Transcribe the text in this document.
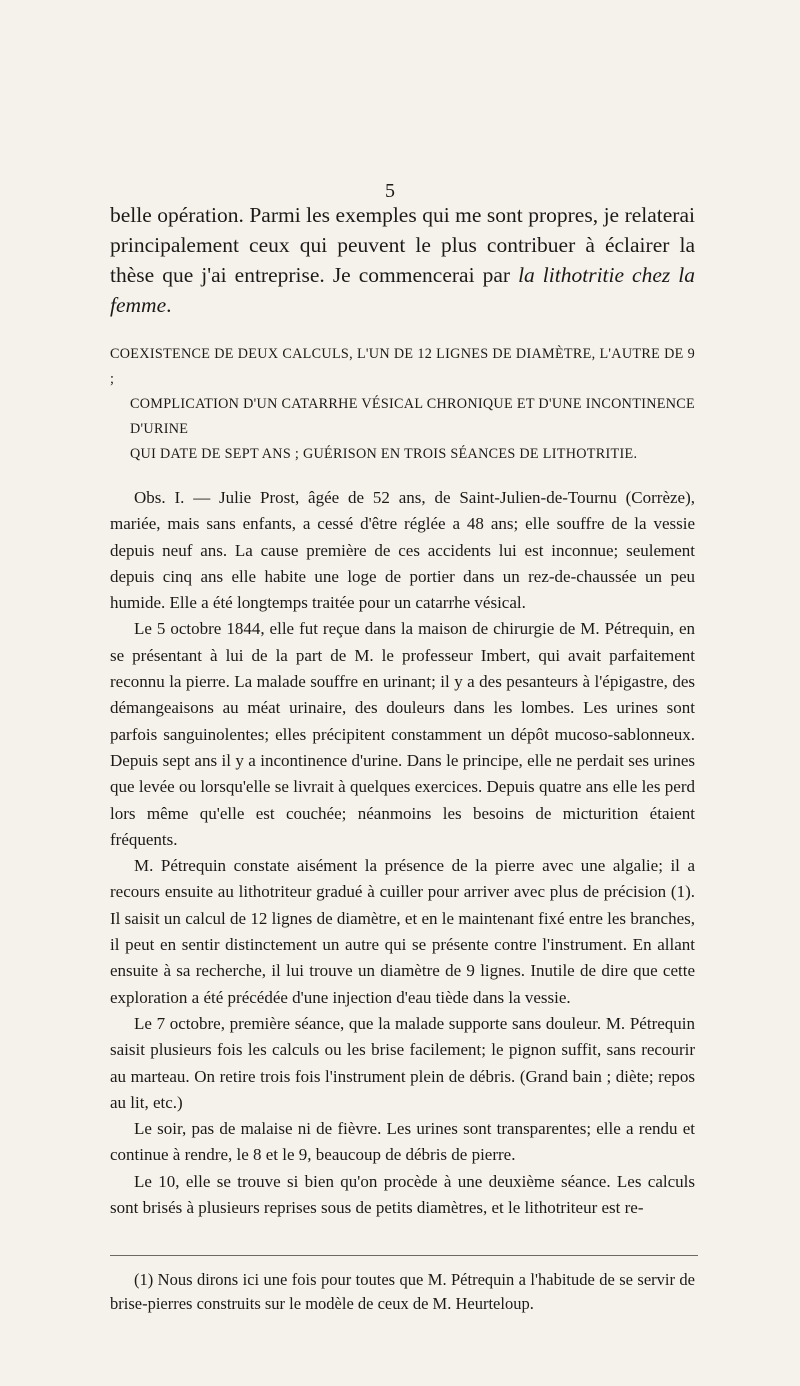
5

belle opération. Parmi les exemples qui me sont propres, je relaterai principalement ceux qui peuvent le plus contribuer à éclairer la thèse que j'ai entreprise. Je commencerai par la lithotritie chez la femme.

COEXISTENCE DE DEUX CALCULS, L'UN DE 12 LIGNES DE DIAMÈTRE, L'AUTRE DE 9 ;
COMPLICATION D'UN CATARRHE VÉSICAL CHRONIQUE ET D'UNE INCONTINENCE D'URINE
QUI DATE DE SEPT ANS ; GUÉRISON EN TROIS SÉANCES DE LITHOTRITIE.

Obs. I. — Julie Prost, âgée de 52 ans, de Saint-Julien-de-Tournu (Corrèze), mariée, mais sans enfants, a cessé d'être réglée a 48 ans; elle souffre de la vessie depuis neuf ans. La cause première de ces accidents lui est inconnue; seulement depuis cinq ans elle habite une loge de portier dans un rez-de-chaussée un peu humide. Elle a été longtemps traitée pour un catarrhe vésical.

Le 5 octobre 1844, elle fut reçue dans la maison de chirurgie de M. Pétrequin, en se présentant à lui de la part de M. le professeur Imbert, qui avait parfaitement reconnu la pierre. La malade souffre en urinant; il y a des pesanteurs à l'épigastre, des démangeaisons au méat urinaire, des douleurs dans les lombes. Les urines sont parfois sanguinolentes; elles précipitent constamment un dépôt mucoso-sablonneux. Depuis sept ans il y a incontinence d'urine. Dans le principe, elle ne perdait ses urines que levée ou lorsqu'elle se livrait à quelques exercices. Depuis quatre ans elle les perd lors même qu'elle est couchée; néanmoins les besoins de micturition étaient fréquents.

M. Pétrequin constate aisément la présence de la pierre avec une algalie; il a recours ensuite au lithotriteur gradué à cuiller pour arriver avec plus de précision (1). Il saisit un calcul de 12 lignes de diamètre, et en le maintenant fixé entre les branches, il peut en sentir distinctement un autre qui se présente contre l'instrument. En allant ensuite à sa recherche, il lui trouve un diamètre de 9 lignes. Inutile de dire que cette exploration a été précédée d'une injection d'eau tiède dans la vessie.

Le 7 octobre, première séance, que la malade supporte sans douleur. M. Pétrequin saisit plusieurs fois les calculs ou les brise facilement; le pignon suffit, sans recourir au marteau. On retire trois fois l'instrument plein de débris. (Grand bain ; diète; repos au lit, etc.)

Le soir, pas de malaise ni de fièvre. Les urines sont transparentes; elle a rendu et continue à rendre, le 8 et le 9, beaucoup de débris de pierre.

Le 10, elle se trouve si bien qu'on procède à une deuxième séance. Les calculs sont brisés à plusieurs reprises sous de petits diamètres, et le lithotriteur est re-

(1) Nous dirons ici une fois pour toutes que M. Pétrequin a l'habitude de se servir de brise-pierres construits sur le modèle de ceux de M. Heurteloup.
